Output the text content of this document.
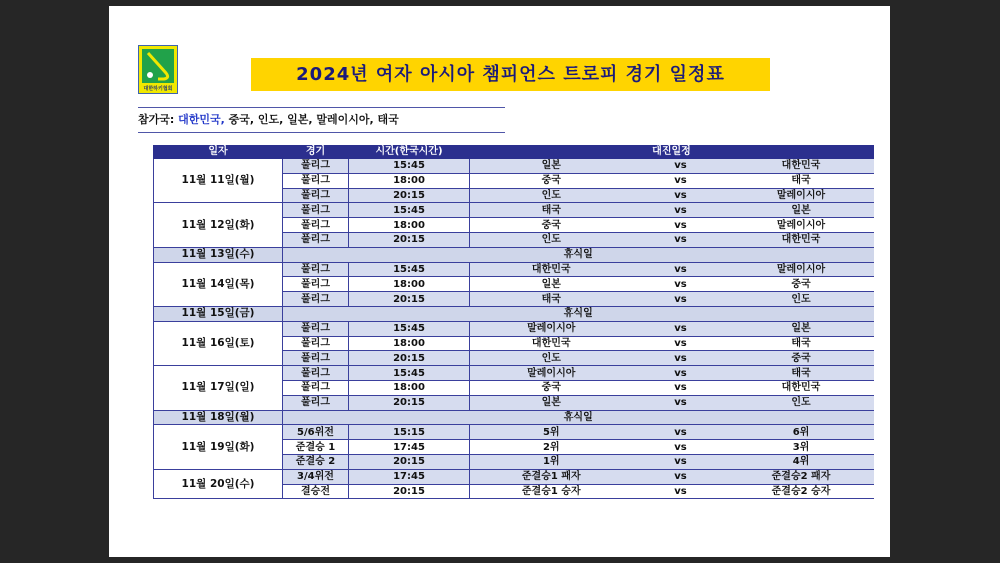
대한하키협회
2024년 여자 아시아 챔피언스 트로피 경기 일정표
참가국: 대한민국, 중국, 인도, 일본, 말레이시아, 태국
일자	경기	시간(한국시간)	대진일정		
11월 11일(월)	풀리그	15:45	일본	vs	대한민국
	풀리그	18:00	중국	vs	태국
	풀리그	20:15	인도	vs	말레이시아
11월 12일(화)	풀리그	15:45	태국	vs	일본
	풀리그	18:00	중국	vs	말레이시아
	풀리그	20:15	인도	vs	대한민국
11월 13일(수)	휴식일				
11월 14일(목)	풀리그	15:45	대한민국	vs	말레이시아
	풀리그	18:00	일본	vs	중국
	풀리그	20:15	태국	vs	인도
11월 15일(금)	휴식일				
11월 16일(토)	풀리그	15:45	말레이시아	vs	일본
	풀리그	18:00	대한민국	vs	태국
	풀리그	20:15	인도	vs	중국
11월 17일(일)	풀리그	15:45	말레이시아	vs	태국
	풀리그	18:00	중국	vs	대한민국
	풀리그	20:15	일본	vs	인도
11월 18일(월)	휴식일				
11월 19일(화)	5/6위전	15:15	5위	vs	6위
	준결승 1	17:45	2위	vs	3위
	준결승 2	20:15	1위	vs	4위
11월 20일(수)	3/4위전	17:45	준결승1 패자	vs	준결승2 패자
	결승전	20:15	준결승1 승자	vs	준결승2 승자
